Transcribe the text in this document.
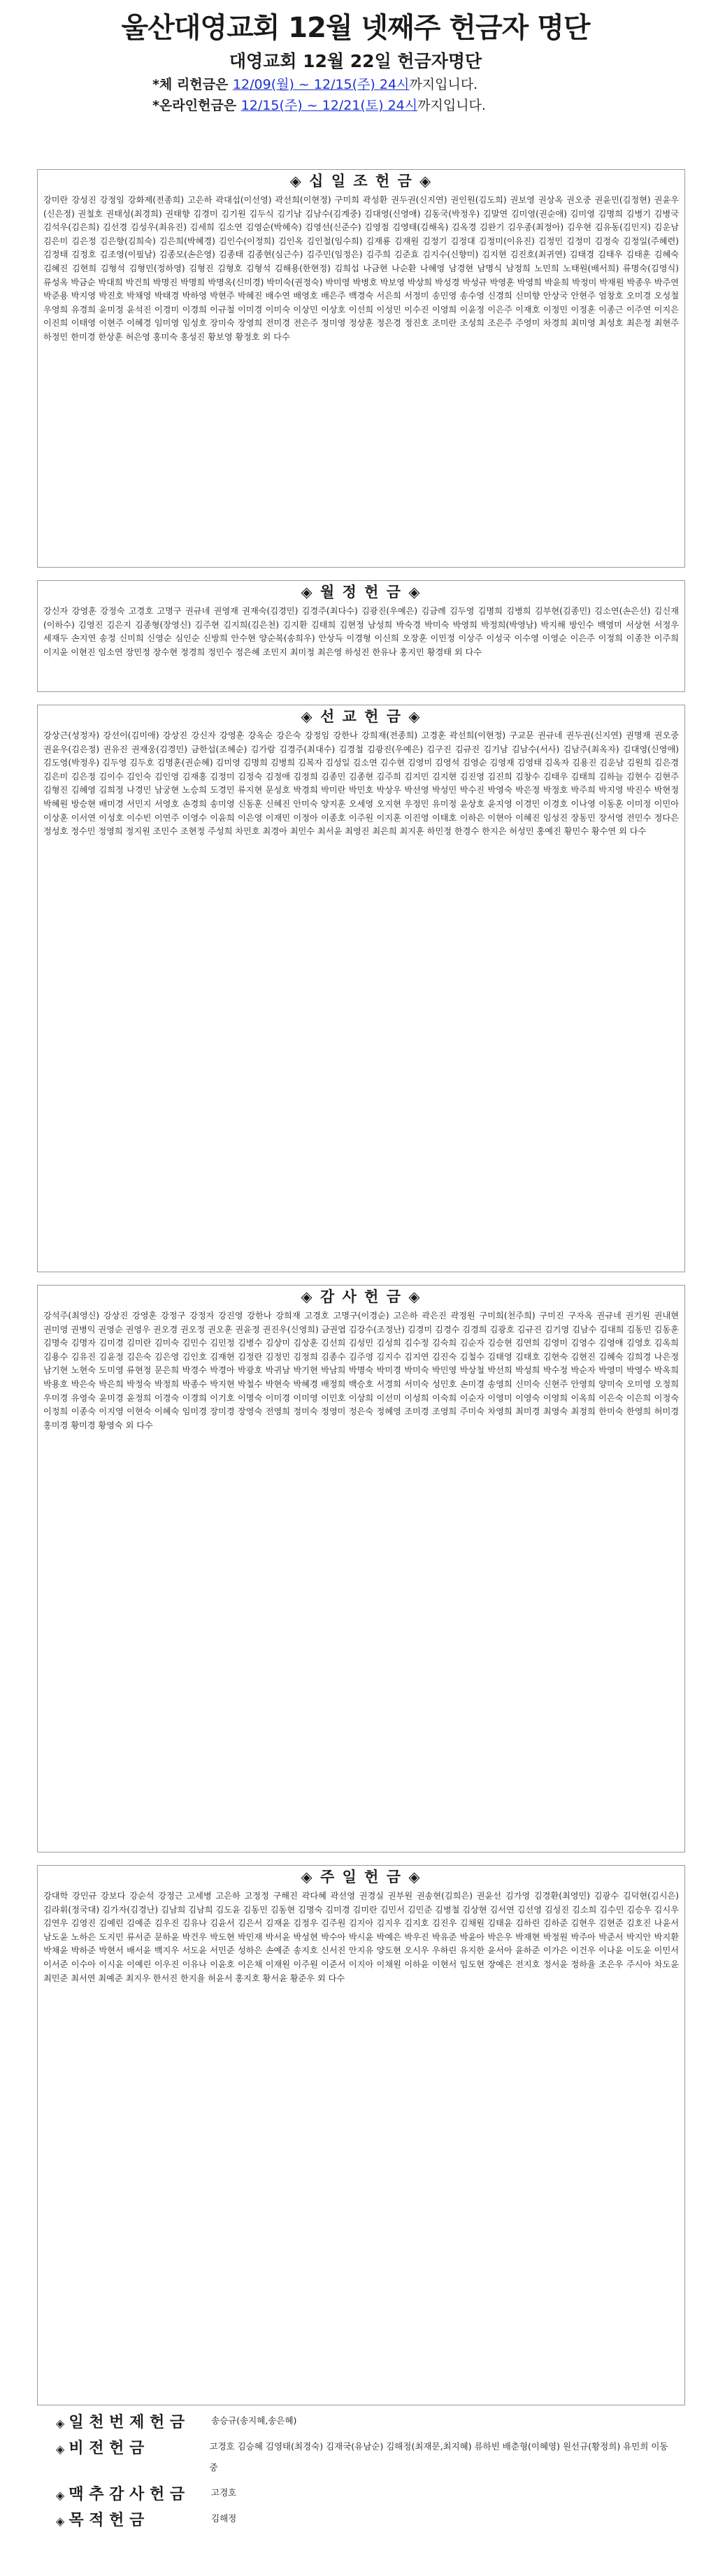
울산대영교회 12월 넷째주 헌금자 명단
대영교회 12월 22일 헌금자명단
*체 리헌금은 12/09(월) ~ 12/15(주) 24시까지입니다.
*온라인헌금은 12/15(주) ~ 12/21(토) 24시까지입니다.
◈ 십 일 조 헌 금 ◈
강미란 강성진 강정임 강화제(전종희) 고은하 곽대섭(이선영) 곽선희(이현정) 구미희 곽성환 권두권(신지연) 권인원(김도희) 권보영 권상옥 권오중 권윤민(김정현) 권윤우(신은정) 권철호 권태성(최경희) 권태향 김경미 김기원 김두식 김기남 김남수(김계중) 김대영(신영애) 김동국(박정우) 김말연 김미영(권순애) 김미영 김명희 김병기 김병국 김석우(김은희) 김선경 김성우(최유진) 김세희 김소연 김영순(박혜숙) 김영선(신준수) 김영점 김영태(김해옥) 김옥경 김완기 김우종(최정아) 김우현 김유동(김민지) 김운남 김은미 김은정 김은향(김희숙) 김은희(박혜경) 김인수(이정희) 김인옥 김인철(임수희) 김재룡 김재원 김정기 김정대 김정미(이유진) 김정민 김정미 김정숙 김정일(주혜련) 김정태 김정호 김조영(이필남) 김종모(손은영) 김종태 김종현(심근수) 김주민(임정은) 김주희 김준효 김지수(신향미) 김지현 김진호(최귀연) 김태경 김태우 김태훈 김혜숙 김혜진 김현희 김형석 김형민(정하영) 김형진 김형호 김형석 김해용(한현정) 김희섭 나금현 나순환 나혜영 남경현 남명식 남정희 노민희 노태원(배서희) 류명숙(김영식) 류성옥 박금순 박대희 박건희 박명진 박명희 박명옥(신미경) 박미숙(권정숙) 박미영 박병호 박보영 박상희 박성경 박성규 박영훈 박영희 박윤희 박정미 박재원 박종우 박주연 박준용 박지영 박진호 박채영 박태경 박하영 박현주 박혜진 배수연 배영호 배은주 백경숙 서은희 서정미 송민영 송수영 신경희 신미향 안상국 안현주 엄창호 오미경 오성철 우영희 유경희 윤미정 윤석진 이경미 이경희 이규철 이미경 이미숙 이상민 이상호 이선희 이성민 이수진 이영희 이윤정 이은주 이재호 이정민 이정훈 이종근 이주연 이지은 이진희 이태영 이현주 이혜경 임미영 임성호 장미숙 장영희 전미경 전은주 정미영 정상훈 정은경 정진호 조미란 조성희 조은주 주영미 차경희 최미영 최성호 최은정 최현주 하정민 한미경 한상훈 허은영 홍미숙 홍성진 황보영 황정호 외 다수
◈ 월 정 헌 금 ◈
강신자 강영훈 강정숙 고경호 고명구 권규네 권영재 권재숙(김경민) 김경주(최다수) 김광진(우예은) 김금례 김두영 김명희 김병희 김부현(김종민) 김소연(손은선) 김신재(이하수) 김영진 김은지 김종형(장영신) 김주현 김지희(김은천) 김지환 김태희 김현정 남성희 박숙경 박미숙 박영희 박정희(박영남) 박지해 방인수 백영미 서상현 서정우 세재두 손지연 송정 신미희 신영순 심인순 신방희 안수현 양순복(송희우) 안상득 이경형 이신희 오장훈 이민정 이상주 이성국 이수영 이영순 이은주 이정희 이종찬 이주희 이지윤 이현진 임소연 장민정 장수현 정경희 정민수 정은혜 조민지 최미정 최은영 하성진 한유나 홍지민 황경태 외 다수
◈ 선 교 헌 금 ◈
강상근(성정자) 강선이(김미애) 강상진 강신자 강영훈 강옥순 강은숙 강정임 강한나 강희재(전종희) 고경훈 곽선희(이현정) 구교문 권규네 권두권(신지연) 권명재 권오중 권윤우(김은정) 권유진 권재웅(김경민) 금한섭(조혜순) 김가람 김경주(최대수) 김경철 김광진(우예은) 김구진 김규진 김기남 김남수(서사) 김남주(최옥자) 김대영(신영애) 김도영(박정우) 김두영 김두호 김명훈(권순혜) 김미영 김명희 김병희 김복자 김성일 김소연 김수현 김영미 김영석 김영순 김영재 김영태 김옥자 김용진 김운남 김원희 김은경 김은미 김은정 김이수 김인숙 김인영 김재홍 김정미 김정숙 김정애 김정희 김종민 김종현 김주희 김지민 김지현 김진영 김진희 김창수 김태우 김태희 김하늘 김현수 김현주 김형진 김혜영 김희정 나경민 남궁현 노승희 도경민 류지현 문성호 박경희 박미란 박민호 박상우 박선영 박성민 박수진 박영숙 박은정 박정호 박주희 박지영 박진수 박현정 박혜원 방승현 배미경 서민지 서영호 손경희 송미영 신동훈 신혜진 안미숙 양지훈 오세영 오지현 우정민 유미정 윤상호 윤지영 이경민 이경호 이나영 이동훈 이미정 이민아 이상훈 이서연 이성호 이수빈 이연주 이영수 이윤희 이은영 이재민 이정아 이종호 이주원 이지훈 이진영 이태호 이하은 이현아 이혜진 임성진 장동민 장서영 전민수 정다은 정성호 정수민 정영희 정지원 조민수 조현정 주성희 차민호 최경아 최민수 최서윤 최영진 최은희 최지훈 하민정 한경수 한지은 허성민 홍예진 황민수 황수연 외 다수
◈ 감 사 헌 금 ◈
강석주(최영신) 강상진 강영훈 강정구 강정자 강진영 강한나 강희재 고경호 고명구(이경순) 고은하 곽은진 곽정원 구미희(천주희) 구미진 구자옥 권규네 권기원 권내현 권미영 권병익 권영순 권영우 권오경 권오정 권오훈 권윤정 권진우(신영희) 금권엽 김강수(조정난) 김경미 김경수 김경희 김광호 김규진 김기영 김남수 김대희 김동민 김동훈 김명숙 김명자 김미경 김미란 김미숙 김민수 김민정 김병수 김상미 김상훈 김선희 김성민 김성희 김수정 김숙희 김순자 김승현 김연희 김영미 김영수 김영애 김영호 김옥희 김용수 김유진 김윤정 김은숙 김은영 김인호 김재현 김정란 김정민 김정희 김종수 김주영 김지수 김지연 김진숙 김철수 김태영 김태호 김현숙 김현진 김혜숙 김희경 나은정 남기현 노현숙 도미영 류현정 문은희 박경수 박경아 박광호 박귀남 박기현 박남희 박명숙 박미경 박미숙 박민영 박상철 박선희 박성희 박수정 박순자 박영미 박영수 박옥희 박용호 박은숙 박은희 박정숙 박정희 박종수 박지현 박철수 박현숙 박혜경 배정희 백승호 서경희 서미숙 성민호 손미경 송영희 신미숙 신현주 안영희 양미숙 오미영 오정희 우미경 유영숙 윤미경 윤정희 이경숙 이경희 이기호 이명숙 이미경 이미영 이민호 이상희 이선미 이성희 이숙희 이순자 이영미 이영숙 이영희 이옥희 이은숙 이은희 이정숙 이정희 이종숙 이지영 이현숙 이혜숙 임미경 장미경 장영숙 전영희 정미숙 정영미 정은숙 정혜영 조미경 조영희 주미숙 차영희 최미경 최영숙 최정희 한미숙 한영희 허미경 홍미경 황미경 황영숙 외 다수
◈ 주 일 헌 금 ◈
강대학 강민규 강보다 강순석 강정근 고세병 고은하 고정정 구해진 곽다혜 곽선영 권경실 권부원 권송현(김희은) 권윤선 김가영 김경환(최영민) 김광수 김덕현(김시은) 김라휘(정국대) 김가자(김경난) 김남희 김남희 김도윤 김동민 김동현 김명숙 김미경 김미란 김민서 김민준 김병철 김상현 김서연 김선영 김성진 김소희 김수민 김승우 김시우 김연우 김영진 김예린 김예준 김우진 김유나 김윤서 김은서 김재윤 김정우 김주원 김지아 김지우 김지호 김진우 김채원 김태윤 김하린 김하준 김현우 김현준 김호진 나윤서 남도윤 노하은 도지민 류서준 문하윤 박건우 박도현 박민재 박서윤 박성현 박수아 박시윤 박예은 박우진 박유준 박윤아 박은우 박재현 박정원 박주아 박준서 박지안 박지환 박채윤 박하준 박현서 배서윤 백지우 서도윤 서민준 성하은 손예준 송지호 신서진 안지유 양도현 오시우 우하린 유지한 윤서아 윤하준 이가은 이건우 이나윤 이도윤 이민서 이서준 이수아 이시윤 이예린 이우진 이유나 이윤호 이은채 이재원 이주원 이준서 이지아 이채원 이하윤 이현서 임도현 장예은 전지호 정서윤 정하율 조은우 주시아 차도윤 최민준 최서연 최예준 최지우 한서진 한지율 허윤서 홍지호 황서윤 황준우 외 다수
◈ 일 천 번 제 헌 금	송승규(송지혜,송은혜)
◈ 비 전 헌 금	고경호 김승혜 김영태(최경숙) 김재국(유남순) 김해정(최재문,최지혜) 류하빈 배춘형(이혜영) 원선규(황정희) 유민희 이동중
◈ 맥 추 감 사 헌 금	고경호
◈ 목 적 헌 금	김해정
